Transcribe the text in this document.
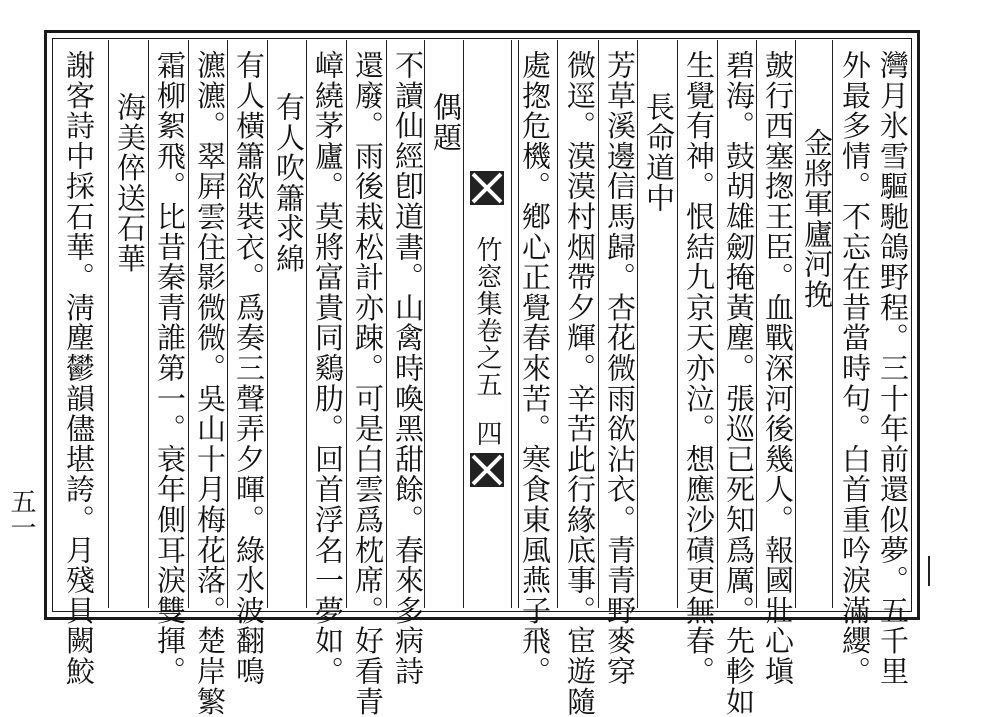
灣月氷雪驅馳鴿野程。三十年前還似夢。五千里
外最多情。不忘在昔當時句。白首重吟淚滿纓。
金將軍廬河挽
皷行西塞揔王臣。血戰深河後幾人。報國壯心塡
碧海。鼓胡雄劒掩黃塵。張巡已死知爲厲。先軫如
生覺有神。恨結九京天亦泣。想應沙磧更無春。
長命道中
芳草溪邊信馬歸。杏花微雨欲沾衣。青青野麥穿
微逕。漠漠村烟帶夕輝。辛苦此行緣底事。宦遊隨
竹窓集卷之五
四
偶題
不讀仙經卽道書。山禽時喚黑甜餘。春來多病詩
還廢。雨後栽松計亦踈。可是白雲爲枕席。好看青
嶂繞茅廬。莫將富貴同鷄肋。回首浮名一夢如。
有人吹簫求綿
有人橫簫欲裝衣。爲奏三聲弄夕暉。綠水波翻鳴
瀌瀌。翠屛雲住影微微。吳山十月梅花落。楚岸繁
霜柳絮飛。比昔秦青誰第一。衰年側耳淚雙揮。
海美倅送石華
謝客詩中採石華。淸塵鬰韻儘堪誇。月殘貝闕鮫
五一	處揔危機。鄕心正覺春來苦。寒食東風燕子飛。
